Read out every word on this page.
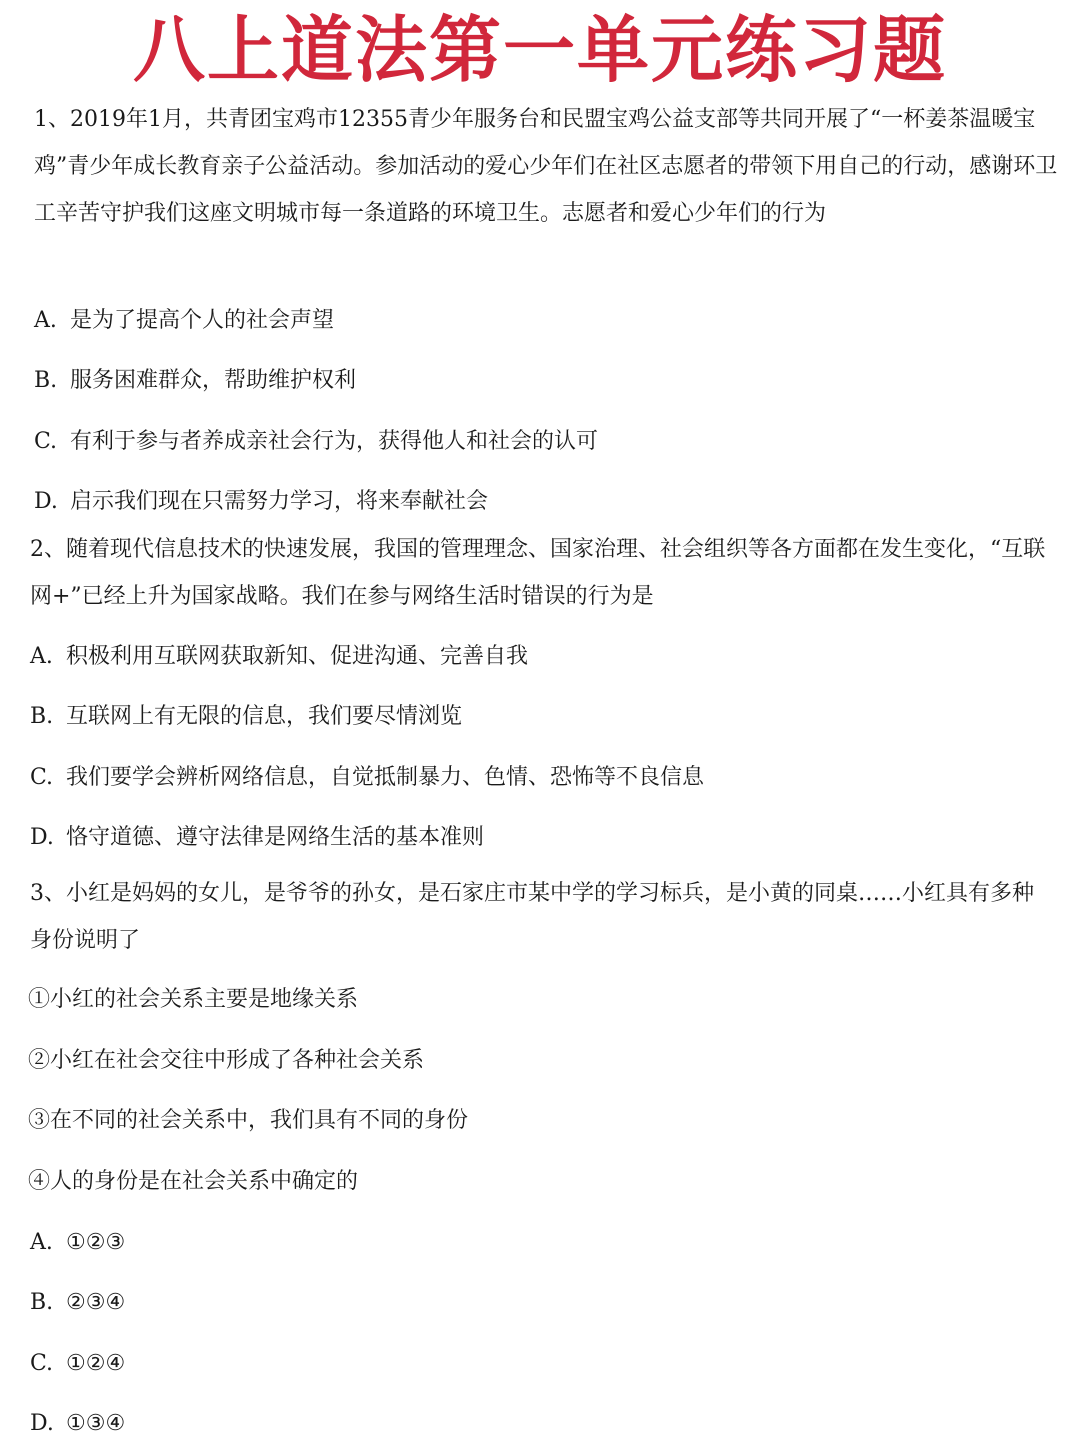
八上道法第一单元练习题

1、2019年1月，共青团宝鸡市12355青少年服务台和民盟宝鸡公益支部等共同开展了“一杯姜茶温暖宝鸡”青少年成长教育亲子公益活动。参加活动的爱心少年们在社区志愿者的带领下用自己的行动，感谢环卫工辛苦守护我们这座文明城市每一条道路的环境卫生。志愿者和爱心少年们的行为

A. 是为了提高个人的社会声望
B. 服务困难群众，帮助维护权利
C. 有利于参与者养成亲社会行为，获得他人和社会的认可
D. 启示我们现在只需努力学习，将来奉献社会

2、随着现代信息技术的快速发展，我国的管理理念、国家治理、社会组织等各方面都在发生变化，“互联网+”已经上升为国家战略。我们在参与网络生活时错误的行为是

A. 积极利用互联网获取新知、促进沟通、完善自我
B. 互联网上有无限的信息，我们要尽情浏览
C. 我们要学会辨析网络信息，自觉抵制暴力、色情、恐怖等不良信息
D. 恪守道德、遵守法律是网络生活的基本准则

3、小红是妈妈的女儿，是爷爷的孙女，是石家庄市某中学的学习标兵，是小黄的同桌……小红具有多种身份说明了

①小红的社会关系主要是地缘关系
②小红在社会交往中形成了各种社会关系
③在不同的社会关系中，我们具有不同的身份
④人的身份是在社会关系中确定的
A. ①②③
B. ②③④
C. ①②④
D. ①③④
